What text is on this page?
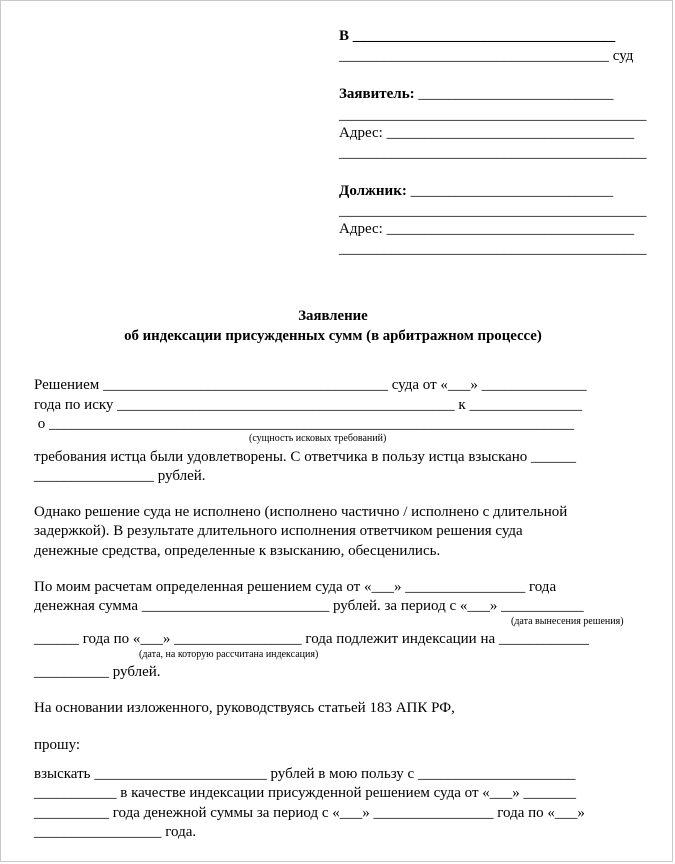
В ___________________________________
____________________________________ суд
Заявитель: __________________________
_________________________________________
Адрес: _________________________________
_________________________________________
Должник: ___________________________
_________________________________________
Адрес: _________________________________
_________________________________________
Заявление
об индексации присужденных сумм (в арбитражном процессе)
Решением ______________________________________ суда от «___» ______________
года по иску _____________________________________________ к _______________
о ______________________________________________________________________
(сущность исковых требований)
требования истца были удовлетворены. С ответчика в пользу истца взыскано ______
________________ рублей.
Однако решение суда не исполнено (исполнено частично / исполнено с длительной
задержкой). В результате длительного исполнения ответчиком решения суда
денежные средства, определенные к взысканию, обесценились.
По моим расчетам определенная решением суда от «___» ________________ года
денежная сумма _________________________ рублей. за период с «___» ___________
(дата вынесения решения)
______ года по «___» _________________ года подлежит индексации на ____________
(дата, на которую рассчитана индексация)
__________ рублей.
На основании изложенного, руководствуясь статьей 183 АПК РФ,
прошу:
взыскать _______________________ рублей в мою пользу с _____________________
___________ в качестве индексации присужденной решением суда от «___» _______
__________ года денежной суммы за период с «___» ________________ года по «___»
_________________ года.
